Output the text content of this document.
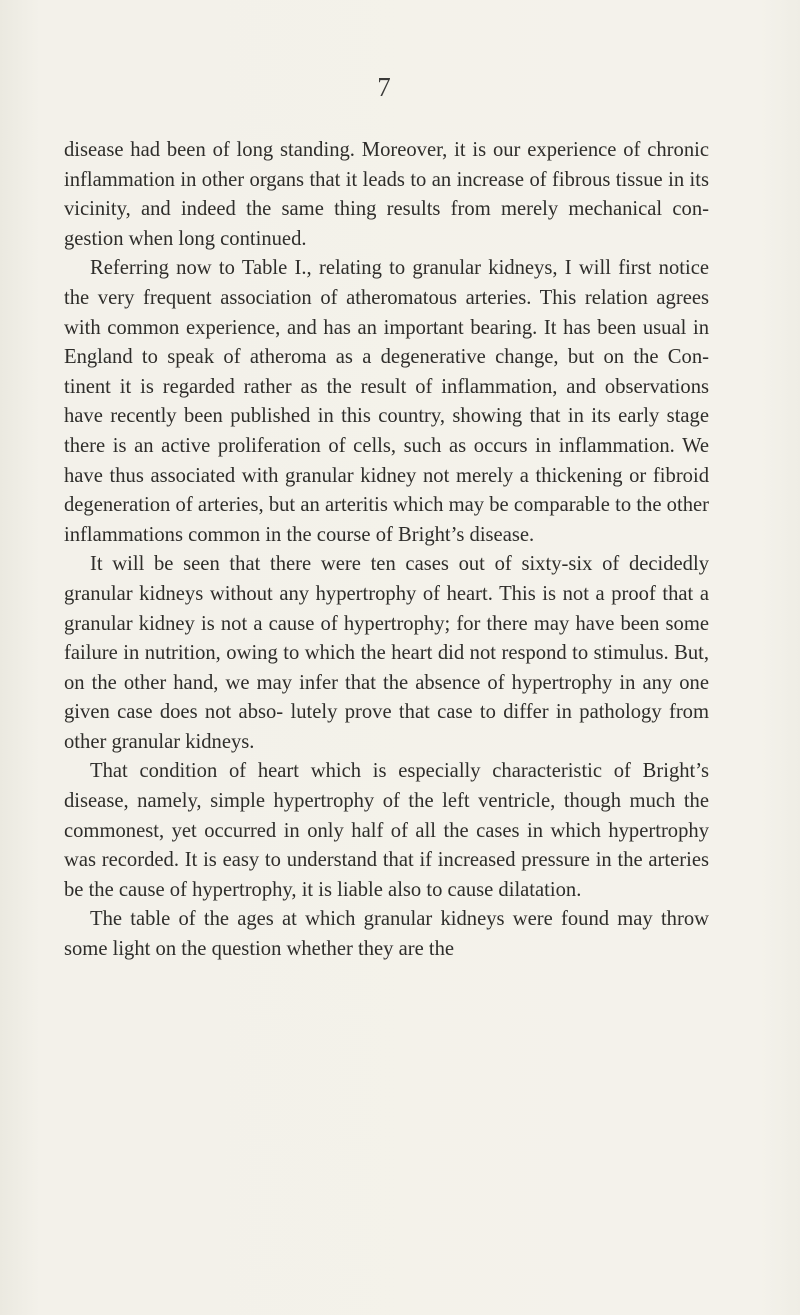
7

disease had been of long standing. Moreover, it is our experience of chronic inflammation in other organs that it leads to an increase of fibrous tissue in its vicinity, and indeed the same thing results from merely mechanical con- gestion when long continued.

Referring now to Table I., relating to granular kidneys, I will first notice the very frequent association of atheromatous arteries. This relation agrees with common experience, and has an important bearing. It has been usual in England to speak of atheroma as a degenerative change, but on the Con- tinent it is regarded rather as the result of inflammation, and observations have recently been published in this country, showing that in its early stage there is an active proliferation of cells, such as occurs in inflammation. We have thus associated with granular kidney not merely a thickening or fibroid degeneration of arteries, but an arteritis which may be comparable to the other inflammations common in the course of Bright’s disease.

It will be seen that there were ten cases out of sixty-six of decidedly granular kidneys without any hypertrophy of heart. This is not a proof that a granular kidney is not a cause of hypertrophy; for there may have been some failure in nutrition, owing to which the heart did not respond to stimulus. But, on the other hand, we may infer that the absence of hypertrophy in any one given case does not abso- lutely prove that case to differ in pathology from other granular kidneys.

That condition of heart which is especially characteristic of Bright’s disease, namely, simple hypertrophy of the left ventricle, though much the commonest, yet occurred in only half of all the cases in which hypertrophy was recorded. It is easy to understand that if increased pressure in the arteries be the cause of hypertrophy, it is liable also to cause dilatation.

The table of the ages at which granular kidneys were found may throw some light on the question whether they are the
